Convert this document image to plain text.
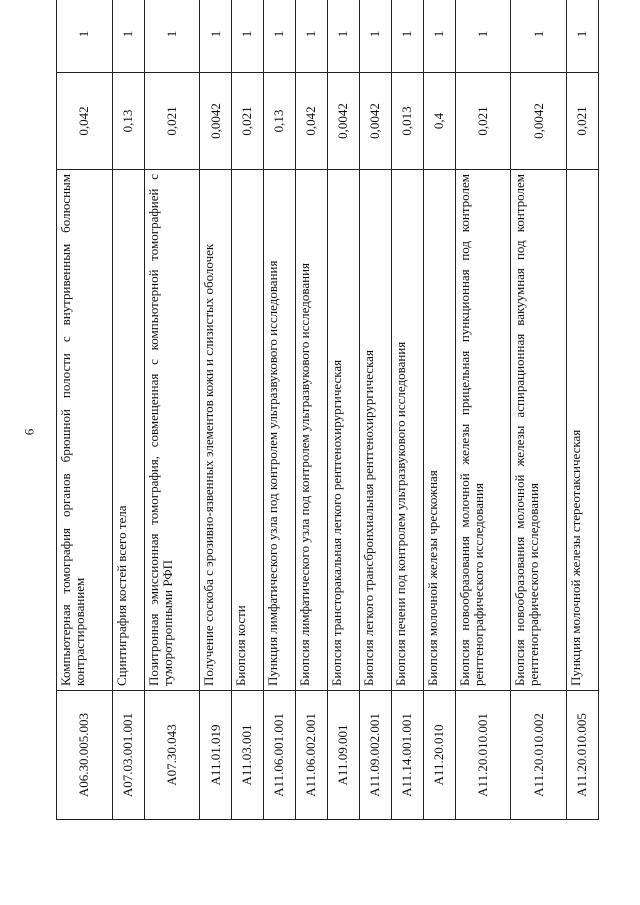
6
A06.30.005.003	Компьютерная томография органов брюшной полости с внутривенным болюсным контрастированием	0,042	1
A07.03.001.001	Сцинтиграфия костей всего тела	0,13	1
A07.30.043	Позитронная эмиссионная томография, совмещенная с компьютерной томографией с туморотропными РФП	0,021	1
A11.01.019	Получение соскоба с эрозивно-язвенных элементов кожи и слизистых оболочек	0,0042	1
A11.03.001	Биопсия кости	0,021	1
A11.06.001.001	Пункция лимфатического узла под контролем ультразвукового исследования	0,13	1
A11.06.002.001	Биопсия лимфатического узла под контролем ультразвукового исследования	0,042	1
A11.09.001	Биопсия трансторакальная легкого рентгенохирургическая	0,0042	1
A11.09.002.001	Биопсия легкого трансбронхиальная рентгенохирургическая	0,0042	1
A11.14.001.001	Биопсия печени под контролем ультразвукового исследования	0,013	1
A11.20.010	Биопсия молочной железы чрескожная	0,4	1
A11.20.010.001	Биопсия новообразования молочной железы прицельная пункционная под контролем рентгенографического исследования	0,021	1
A11.20.010.002	Биопсия новообразования молочной железы аспирационная вакуумная под контролем рентгенографического исследования	0,0042	1
A11.20.010.005	Пункция молочной железы стереотаксическая	0,021	1
